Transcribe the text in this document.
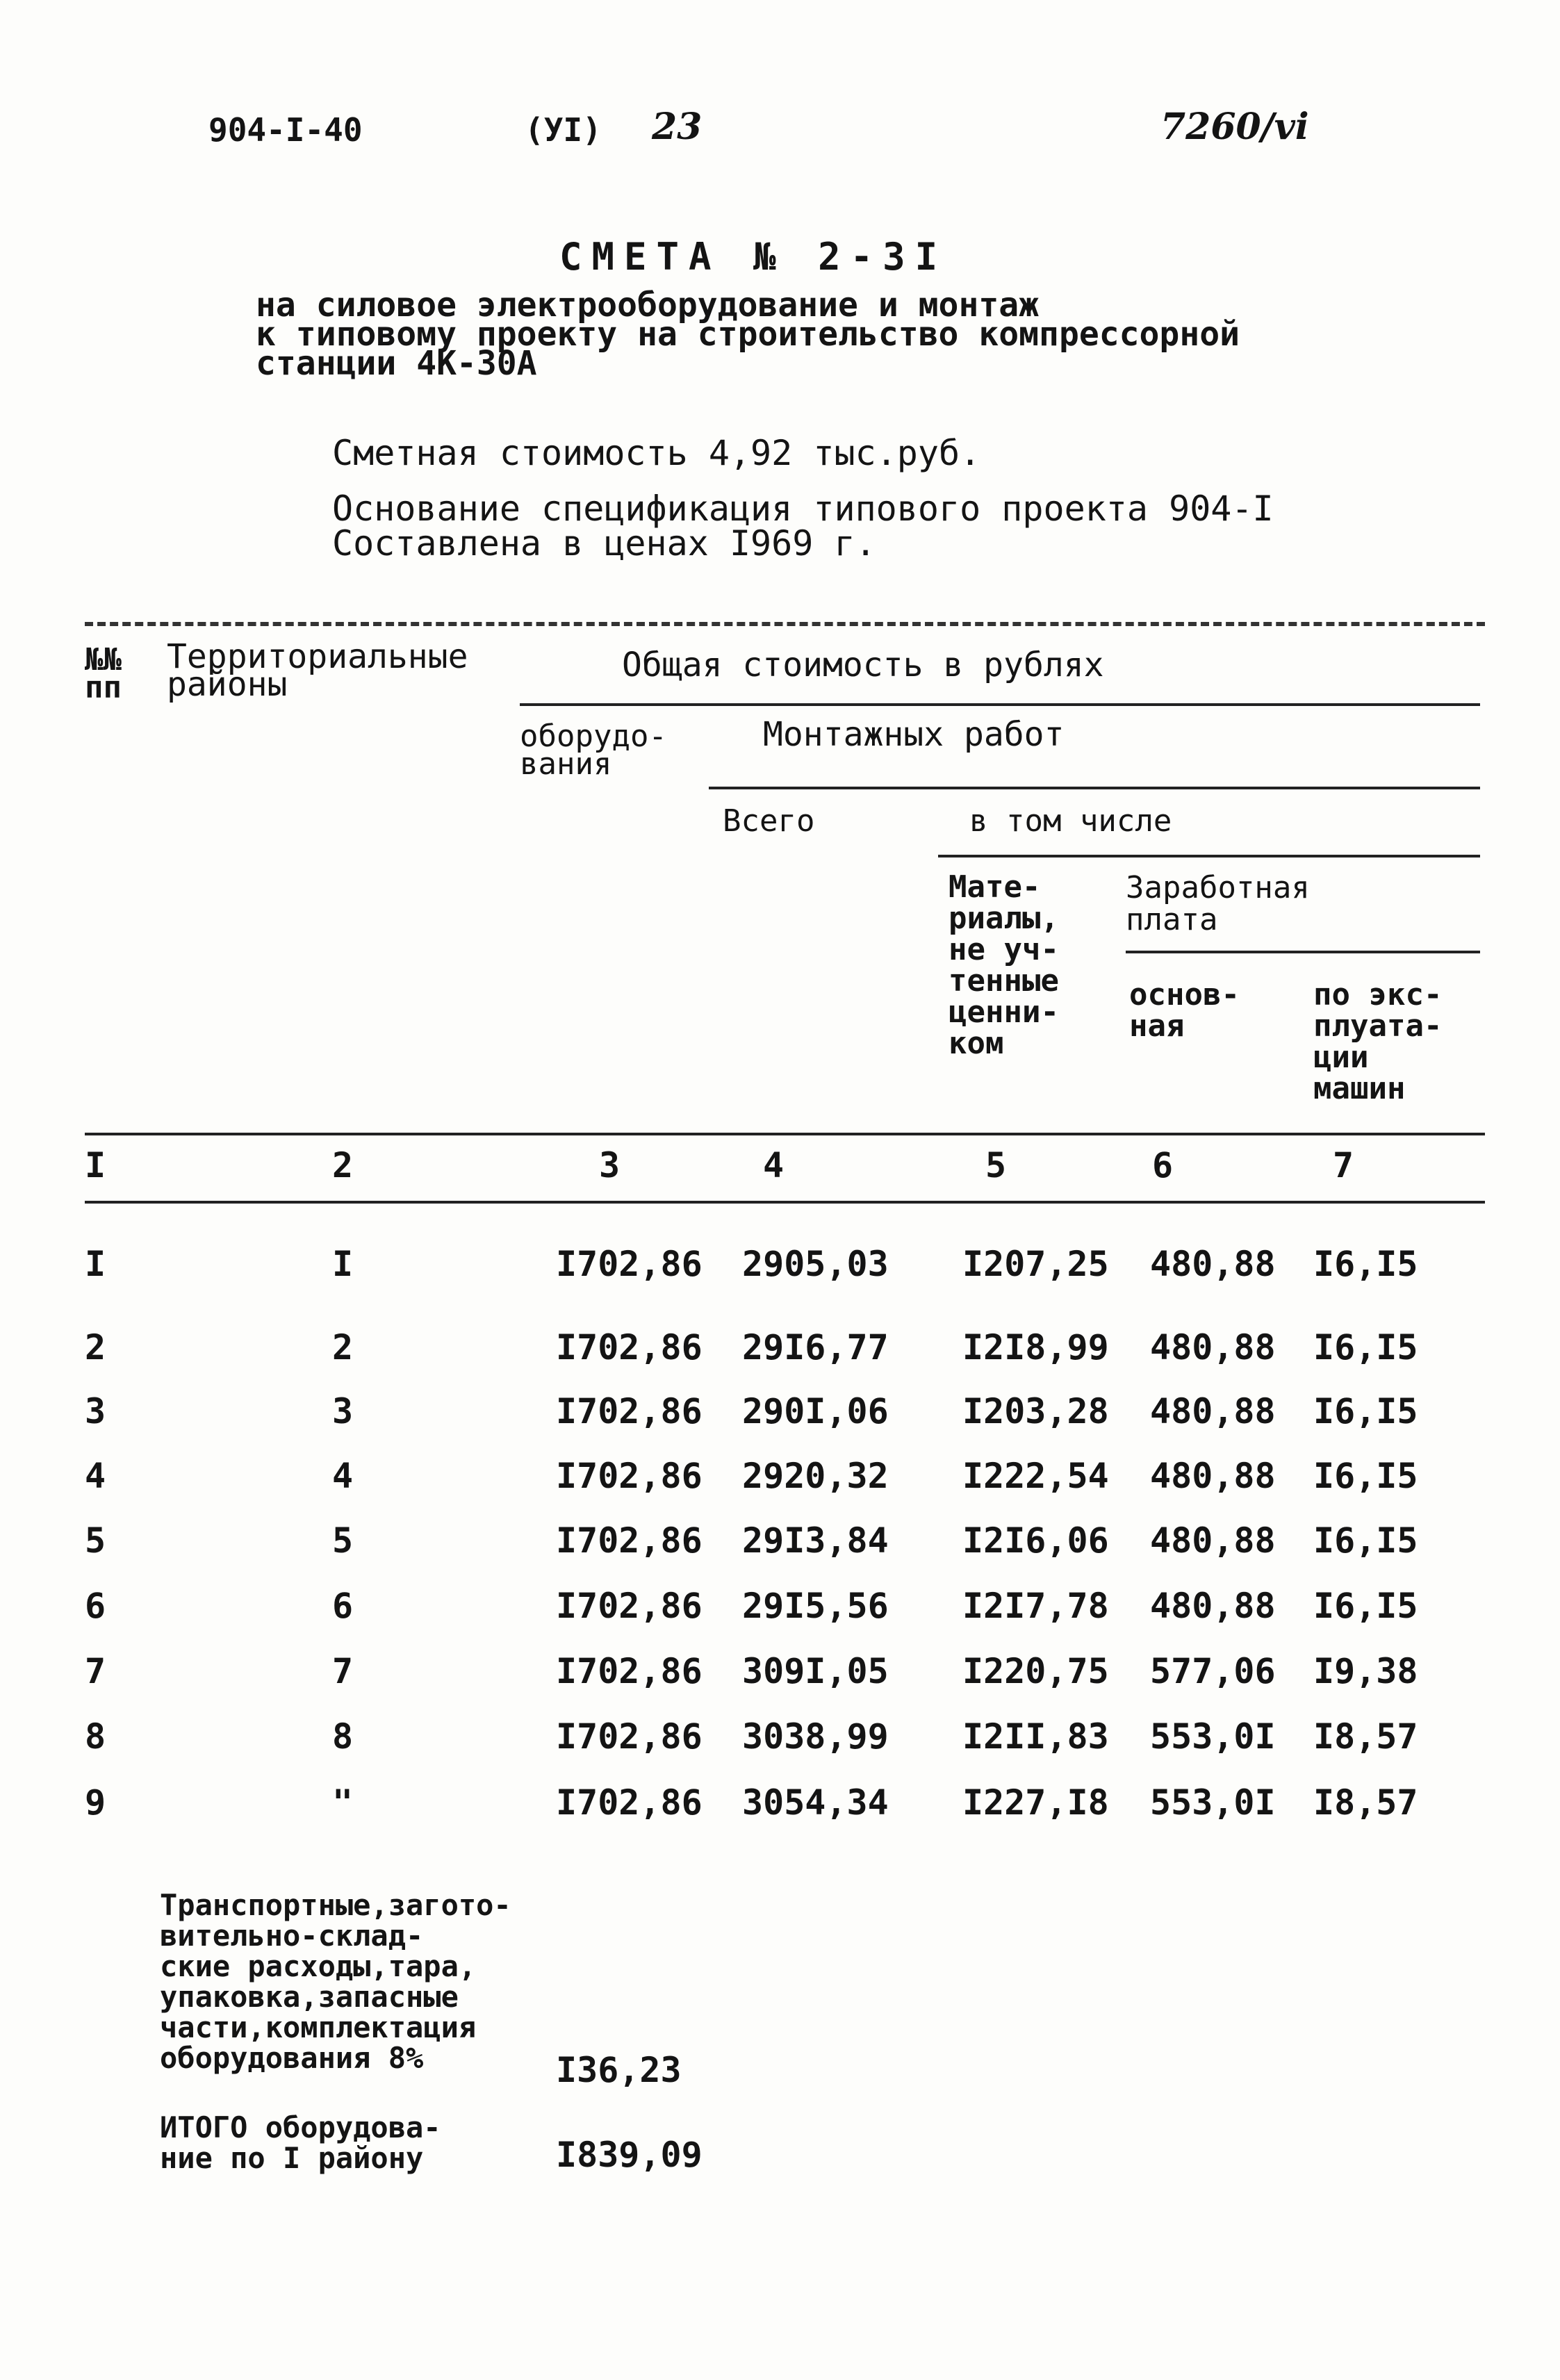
904-I-40	(УI) 23	7260/vi
СМЕТА № 2-3I
на силовое электрооборудование и монтаж
к типовому проекту на строительство компрессорной
станции 4К-30А
Сметная стоимость 4,92 тыс.руб.
Основание спецификация типового проекта 904-I
Составлена в ценах I969 г.
№№ пп
Территориальные районы	Общая стоимость в рублях
оборудо- вания
Монтажных работ
Всего	в том числе
Мате-
риалы,
не уч-
тенные
ценни-
ком
Заработная плата
основ-
ная
по экс-
плуата-
ции
машин
I	2	3	4	5	6	7
I	I	I702,86 2905,03 I207,25 480,88 I6,I5
2	2	I702,86 29I6,77 I2I8,99 480,88 I6,I5
3	3	I702,86 290I,06 I203,28 480,88 I6,I5
4	4	I702,86 2920,32 I222,54 480,88 I6,I5
5	5	I702,86 29I3,84 I2I6,06 480,88 I6,I5
6	6	I702,86 29I5,56 I2I7,78 480,88 I6,I5
7	7	I702,86 309I,05 I220,75 577,06 I9,38
8	8	I702,86 3038,99 I2II,83 553,0I I8,57
9	"	I702,86 3054,34 I227,I8 553,0I I8,57
Транспортные,загото-
вительно-склад-
ские расходы,тара,
упаковка,запасные
части,комплектация
оборудования 8%	I36,23
ИТОГО оборудова-
ние по I району	I839,09
